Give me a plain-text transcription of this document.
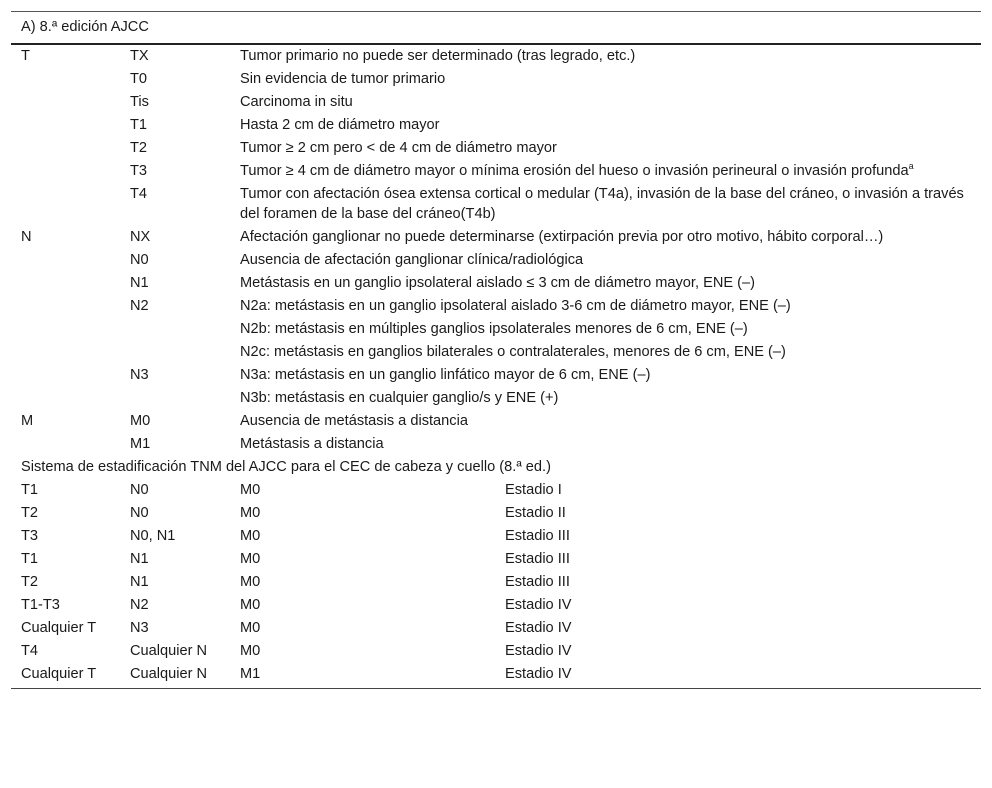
A) 8.ª edición AJCC			
T	TX	Tumor primario no puede ser determinado (tras legrado, etc.)	
	T0	Sin evidencia de tumor primario	
	Tis	Carcinoma in situ	
	T1	Hasta 2 cm de diámetro mayor	
	T2	Tumor ≥ 2 cm pero < de 4 cm de diámetro mayor	
	T3	Tumor ≥ 4 cm de diámetro mayor o mínima erosión del hueso o invasión perineural o invasión profunda$^a$
	T4	Tumor con afectación ósea extensa cortical o medular (T4a), invasión de la base del cráneo, o invasión a través del foramen de la base del cráneo(T4b)	
N	NX	Afectación ganglionar no puede determinarse (extirpación previa por otro motivo, hábito corporal…)	
	N0	Ausencia de afectación ganglionar clínica/radiológica	
	N1	Metástasis en un ganglio ipsolateral aislado ≤ 3 cm de diámetro mayor, ENE (–)	
	N2	N2a: metástasis en un ganglio ipsolateral aislado 3-6 cm de diámetro mayor, ENE (–)	
		N2b: metástasis en múltiples ganglios ipsolaterales menores de 6 cm, ENE (–)	
		N2c: metástasis en ganglios bilaterales o contralaterales, menores de 6 cm, ENE (–)	
	N3	N3a: metástasis en un ganglio linfático mayor de 6 cm, ENE (–)	
		N3b: metástasis en cualquier ganglio/s y ENE (+)	
M	M0	Ausencia de metástasis a distancia	
	M1	Metástasis a distancia	
Sistema de estadificación TNM del AJCC para el CEC de cabeza y cuello (8.ª ed.)			
T1	N0	M0	Estadio I
T2	N0	M0	Estadio II
T3	N0, N1	M0	Estadio III
T1	N1	M0	Estadio III
T2	N1	M0	Estadio III
T1-T3	N2	M0	Estadio IV
Cualquier T	N3	M0	Estadio IV
T4	Cualquier N	M0	Estadio IV
Cualquier T	Cualquier N	M1	Estadio IV
